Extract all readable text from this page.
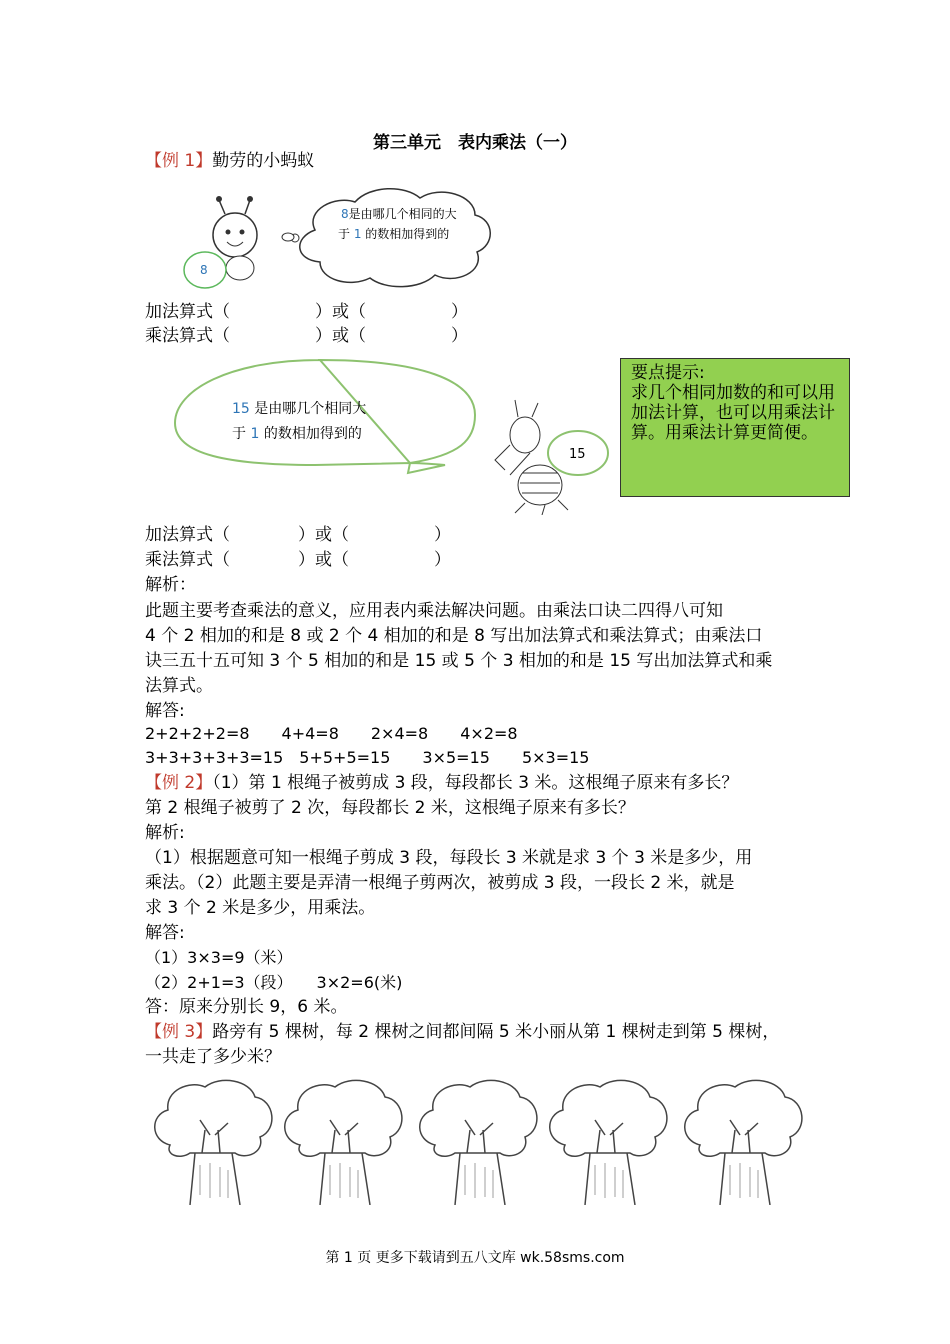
第三单元　表内乘法（一）
【例 1】勤劳的小蚂蚁
8是由哪几个相同的大
于 1 的数相加得到的
8
加法算式（　　　　　）或（　　　　　）
乘法算式（　　　　　）或（　　　　　）
15 是由哪几个相同大
于 1 的数相加得到的
15
要点提示:
求几个相同加数的和可以用加法计算，也可以用乘法计算。用乘法计算更简便。
加法算式（　　　　）或（　　　　　）
乘法算式（　　　　）或（　　　　　）
解析：
此题主要考查乘法的意义，应用表内乘法解决问题。由乘法口诀二四得八可知
4 个 2 相加的和是 8 或 2 个 4 相加的和是 8 写出加法算式和乘法算式；由乘法口
诀三五十五可知 3 个 5 相加的和是 15 或 5 个 3 相加的和是 15 写出加法算式和乘
法算式。
解答:
2+2+2+2=8　　4+4=8　　2×4=8　　4×2=8
3+3+3+3+3=15　5+5+5=15　　3×5=15　　5×3=15
【例 2】（1）第 1 根绳子被剪成 3 段，每段都长 3 米。这根绳子原来有多长？
第 2 根绳子被剪了 2 次，每段都长 2 米，这根绳子原来有多长？
解析:
（1）根据题意可知一根绳子剪成 3 段，每段长 3 米就是求 3 个 3 米是多少，用
乘法。（2）此题主要是弄清一根绳子剪两次，被剪成 3 段，一段长 2 米，就是
求 3 个 2 米是多少，用乘法。
解答:
（1）3×3=9（米）
（2）2+1=3（段）　　3×2=6(米)
答：原来分别长 9，6 米。
【例 3】路旁有 5 棵树，每 2 棵树之间都间隔 5 米小丽从第 1 棵树走到第 5 棵树，
一共走了多少米？
第 1 页 更多下载请到五八文库 wk.58sms.com
